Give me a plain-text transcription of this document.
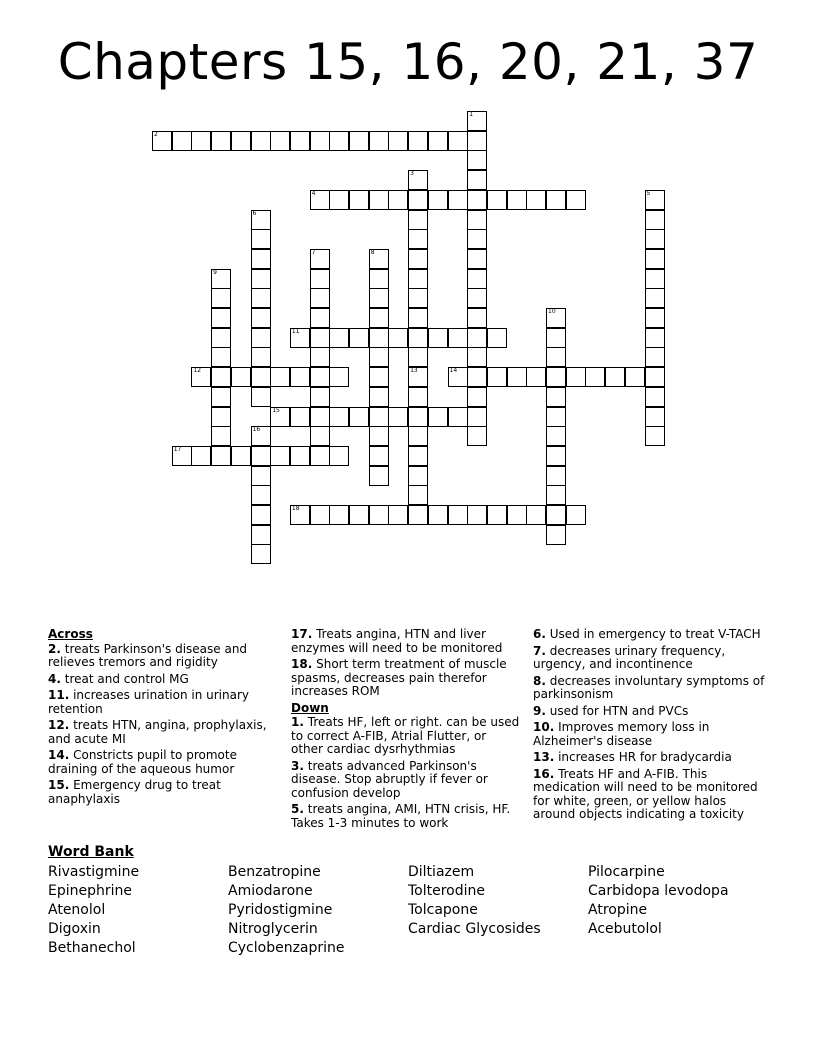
Chapters 15, 16, 20, 21, 37
1
2
3
13
4	5
6
7	8
9
10
11
12	14
15
16
17
18
Across
2. treats Parkinson's disease and relieves tremors and rigidity
4. treat and control MG
11. increases urination in urinary retention
12. treats HTN, angina, prophylaxis, and acute MI
14. Constricts pupil to promote draining of the aqueous humor
15. Emergency drug to treat anaphylaxis
17. Treats angina, HTN and liver enzymes will need to be monitored
18. Short term treatment of muscle spasms, decreases pain therefor increases ROM
Down
1. Treats HF, left or right. can be used to correct A-FIB, Atrial Flutter, or other cardiac dysrhythmias
3. treats advanced Parkinson's disease. Stop abruptly if fever or confusion develop
5. treats angina, AMI, HTN crisis, HF. Takes 1-3 minutes to work
6. Used in emergency to treat V-TACH
7. decreases urinary frequency, urgency, and incontinence
8. decreases involuntary symptoms of parkinsonism
9. used for HTN and PVCs
10. Improves memory loss in Alzheimer's disease
13. increases HR for bradycardia
16. Treats HF and A-FIB. This medication will need to be monitored for white, green, or yellow halos around objects indicating a toxicity
Word Bank
Rivastigmine
Epinephrine
Atenolol
Digoxin
Bethanechol
Benzatropine
Amiodarone
Pyridostigmine
Nitroglycerin
Cyclobenzaprine
Diltiazem
Tolterodine
Tolcapone
Cardiac Glycosides
Pilocarpine
Carbidopa levodopa
Atropine
Acebutolol
